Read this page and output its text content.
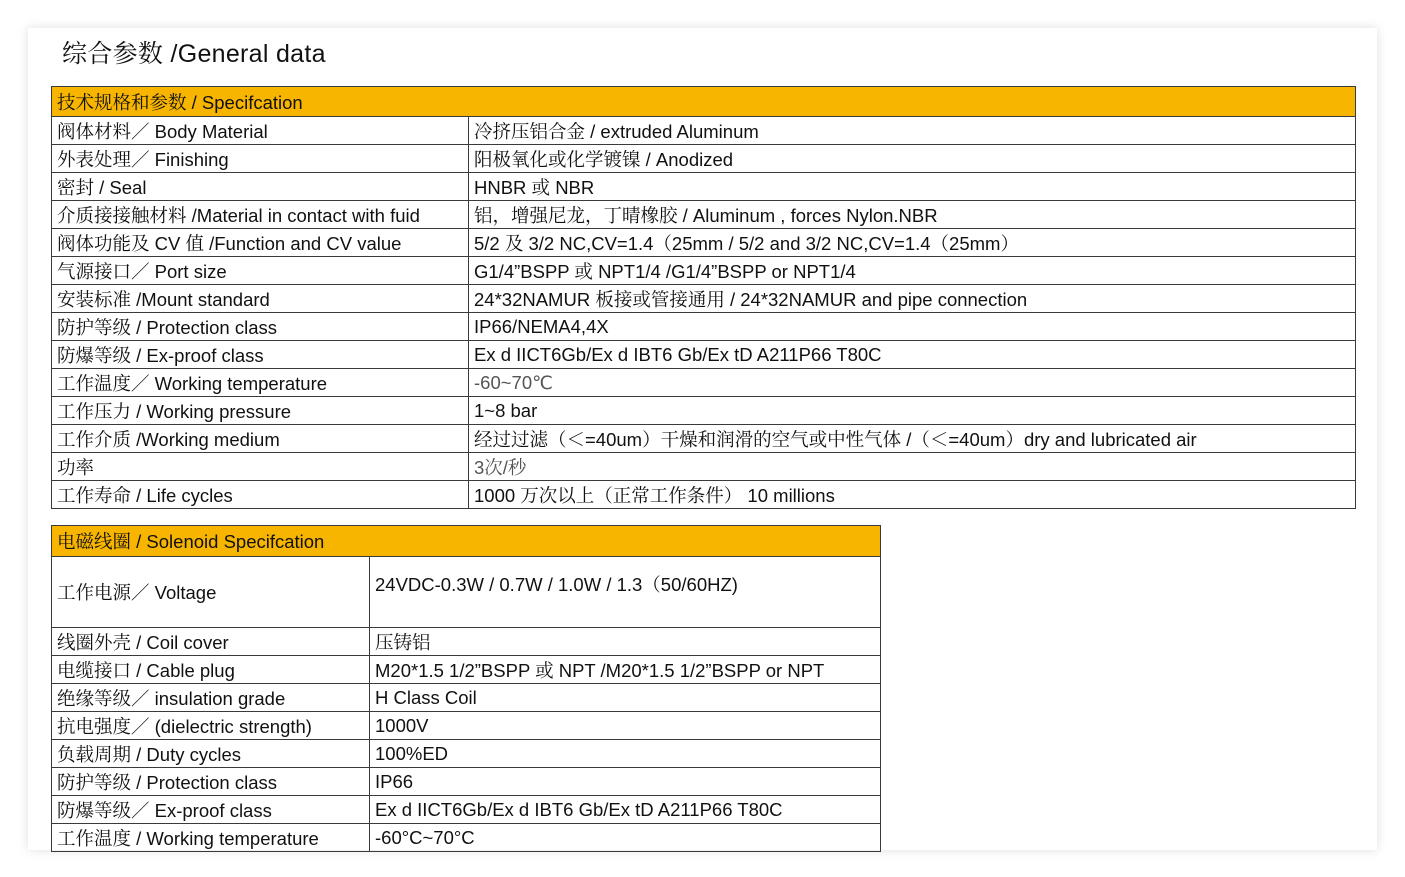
综合参数 /General data
技术规格和参数 / Specifcation	
阀体材料／ Body Material	冷挤压铝合金 / extruded Aluminum
外表处理／ Finishing	阳极氧化或化学镀镍 / Anodized
密封 / Seal	HNBR 或 NBR
介质接接触材料 /Material in contact with fuid	铝，增强尼龙，丁晴橡胶 / Aluminum , forces Nylon.NBR
阀体功能及 CV 值 /Function and CV value	5/2 及 3/2 NC,CV=1.4（25mm / 5/2 and 3/2 NC,CV=1.4（25mm）
气源接口／ Port size	G1/4”BSPP 或 NPT1/4 /G1/4”BSPP or NPT1/4
安装标准 /Mount standard	24*32NAMUR 板接或管接通用 / 24*32NAMUR and pipe connection
防护等级 / Protection class	IP66/NEMA4,4X
防爆等级 / Ex-proof class	Ex d IICT6Gb/Ex d IBT6 Gb/Ex tD A211P66 T80C
工作温度／ Working temperature	-60~70℃
工作压力 / Working pressure	1~8 bar
工作介质 /Working medium	经过过滤（＜=40um）干燥和润滑的空气或中性气体 /（＜=40um）dry and lubricated air
功率	3次/秒
工作寿命 / Life cycles	1000 万次以上（正常工作条件） 10 millions
电磁线圈 / Solenoid Specifcation	
工作电源／ Voltage	24VDC-0.3W / 0.7W / 1.0W / 1.3（50/60HZ)
线圈外壳 / Coil cover	压铸铝
电缆接口 / Cable plug	M20*1.5 1/2”BSPP 或 NPT /M20*1.5 1/2”BSPP or NPT
绝缘等级／ insulation grade	H Class Coil
抗电强度／ (dielectric strength)	1000V
负载周期 / Duty cycles	100%ED
防护等级 / Protection class	IP66
防爆等级／ Ex-proof class	Ex d IICT6Gb/Ex d IBT6 Gb/Ex tD A211P66 T80C
工作温度 / Working temperature	-60°C~70°C
